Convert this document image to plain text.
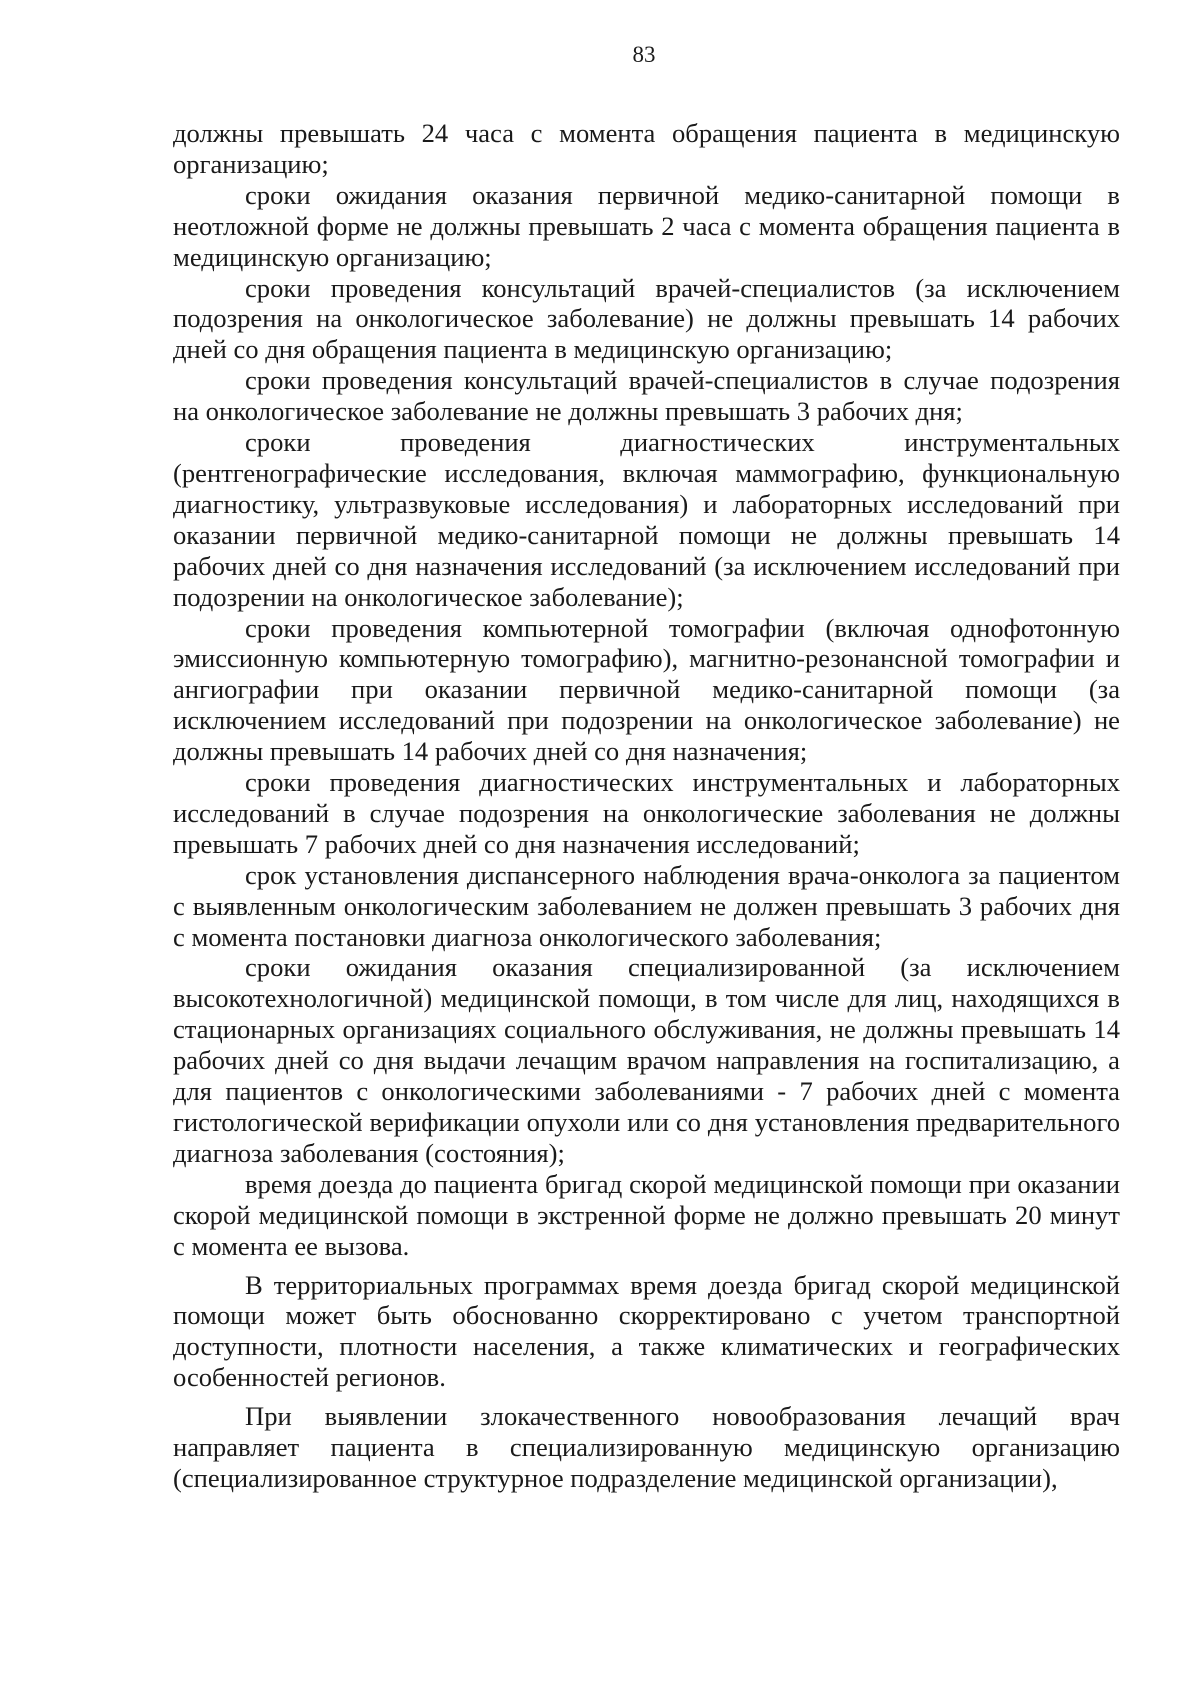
83

должны превышать 24 часа с момента обращения пациента в медицинскую организацию;

сроки ожидания оказания первичной медико-санитарной помощи в неотложной форме не должны превышать 2 часа с момента обращения пациента в медицинскую организацию;

сроки проведения консультаций врачей-специалистов (за исключением подозрения на онкологическое заболевание) не должны превышать 14 рабочих дней со дня обращения пациента в медицинскую организацию;

сроки проведения консультаций врачей-специалистов в случае подозрения на онкологическое заболевание не должны превышать 3 рабочих дня;

сроки проведения диагностических инструментальных (рентгенографические исследования, включая маммографию, функциональную диагностику, ультразвуковые исследования) и лабораторных исследований при оказании первичной медико-санитарной помощи не должны превышать 14 рабочих дней со дня назначения исследований (за исключением исследований при подозрении на онкологическое заболевание);

сроки проведения компьютерной томографии (включая однофотонную эмиссионную компьютерную томографию), магнитно-резонансной томографии и ангиографии при оказании первичной медико-санитарной помощи (за исключением исследований при подозрении на онкологическое заболевание) не должны превышать 14 рабочих дней со дня назначения;

сроки проведения диагностических инструментальных и лабораторных исследований в случае подозрения на онкологические заболевания не должны превышать 7 рабочих дней со дня назначения исследований;

срок установления диспансерного наблюдения врача-онколога за пациентом с выявленным онкологическим заболеванием не должен превышать 3 рабочих дня с момента постановки диагноза онкологического заболевания;

сроки ожидания оказания специализированной (за исключением высокотехнологичной) медицинской помощи, в том числе для лиц, находящихся в стационарных организациях социального обслуживания, не должны превышать 14 рабочих дней со дня выдачи лечащим врачом направления на госпитализацию, а для пациентов с онкологическими заболеваниями - 7 рабочих дней с момента гистологической верификации опухоли или со дня установления предварительного диагноза заболевания (состояния);

время доезда до пациента бригад скорой медицинской помощи при оказании скорой медицинской помощи в экстренной форме не должно превышать 20 минут с момента ее вызова.

В территориальных программах время доезда бригад скорой медицинской помощи может быть обоснованно скорректировано с учетом транспортной доступности, плотности населения, а также климатических и географических особенностей регионов.

При выявлении злокачественного новообразования лечащий врач направляет пациента в специализированную медицинскую организацию (специализированное структурное подразделение медицинской организации),
